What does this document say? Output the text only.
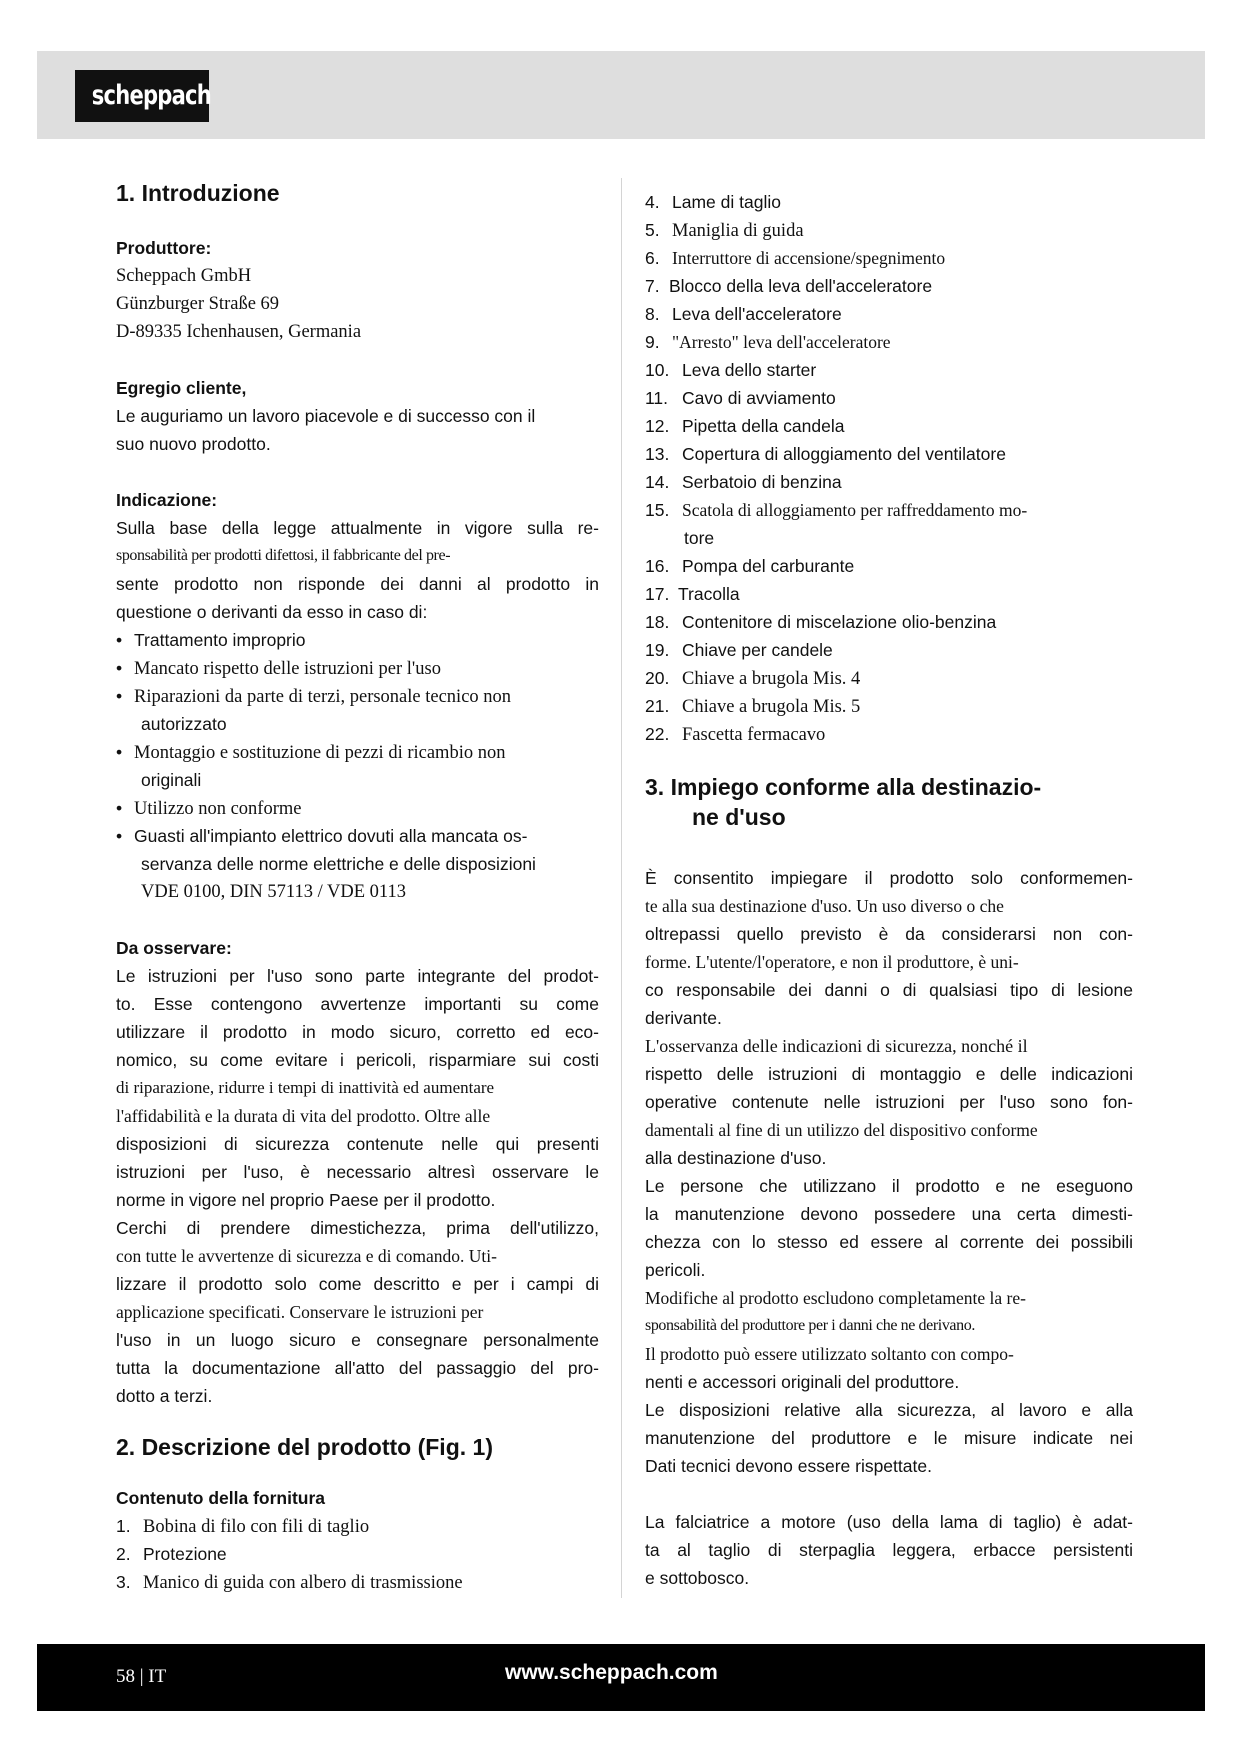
scheppach
1. Introduzione
Produttore:
Scheppach GmbH
Günzburger Straße 69
D-89335 Ichenhausen, Germania
Egregio cliente,
Le auguriamo un lavoro piacevole e di successo con il
suo nuovo prodotto.
Indicazione:
Sulla base della legge attualmente in vigore sulla re-
sponsabilità per prodotti difettosi, il fabbricante del pre-
sente prodotto non risponde dei danni al prodotto in
questione o derivanti da esso in caso di:
• Trattamento improprio
• Mancato rispetto delle istruzioni per l'uso
• Riparazioni da parte di terzi, personale tecnico non
autorizzato
• Montaggio e sostituzione di pezzi di ricambio non
originali
• Utilizzo non conforme
• Guasti all'impianto elettrico dovuti alla mancata os-
servanza delle norme elettriche e delle disposizioni
VDE 0100, DIN 57113 / VDE 0113
Da osservare:
Le istruzioni per l'uso sono parte integrante del prodot-
to. Esse contengono avvertenze importanti su come
utilizzare il prodotto in modo sicuro, corretto ed eco-
nomico, su come evitare i pericoli, risparmiare sui costi
di riparazione, ridurre i tempi di inattività ed aumentare
l'affidabilità e la durata di vita del prodotto. Oltre alle
disposizioni di sicurezza contenute nelle qui presenti
istruzioni per l'uso, è necessario altresì osservare le
norme in vigore nel proprio Paese per il prodotto.
Cerchi di prendere dimestichezza, prima dell'utilizzo,
con tutte le avvertenze di sicurezza e di comando. Uti-
lizzare il prodotto solo come descritto e per i campi di
applicazione specificati. Conservare le istruzioni per
l'uso in un luogo sicuro e consegnare personalmente
tutta la documentazione all'atto del passaggio del pro-
dotto a terzi.
2. Descrizione del prodotto (Fig. 1)
Contenuto della fornitura
1. Bobina di filo con fili di taglio
2. Protezione
3. Manico di guida con albero di trasmissione
4. Lame di taglio
5. Maniglia di guida
6. Interruttore di accensione/spegnimento
7. Blocco della leva dell'acceleratore
8. Leva dell'acceleratore
9. "Arresto" leva dell'acceleratore
10. Leva dello starter
11. Cavo di avviamento
12. Pipetta della candela
13. Copertura di alloggiamento del ventilatore
14. Serbatoio di benzina
15. Scatola di alloggiamento per raffreddamento mo-
tore
16. Pompa del carburante
17. Tracolla
18. Contenitore di miscelazione olio-benzina
19. Chiave per candele
20. Chiave a brugola Mis. 4
21. Chiave a brugola Mis. 5
22. Fascetta fermacavo
3. Impiego conforme alla destinazio-
ne d'uso
È consentito impiegare il prodotto solo conformemen-
te alla sua destinazione d'uso. Un uso diverso o che
oltrepassi quello previsto è da considerarsi non con-
forme. L'utente/l'operatore, e non il produttore, è uni-
co responsabile dei danni o di qualsiasi tipo di lesione
derivante.
L'osservanza delle indicazioni di sicurezza, nonché il
rispetto delle istruzioni di montaggio e delle indicazioni
operative contenute nelle istruzioni per l'uso sono fon-
damentali al fine di un utilizzo del dispositivo conforme
alla destinazione d'uso.
Le persone che utilizzano il prodotto e ne eseguono
la manutenzione devono possedere una certa dimesti-
chezza con lo stesso ed essere al corrente dei possibili
pericoli.
Modifiche al prodotto escludono completamente la re-
sponsabilità del produttore per i danni che ne derivano.
Il prodotto può essere utilizzato soltanto con compo-
nenti e accessori originali del produttore.
Le disposizioni relative alla sicurezza, al lavoro e alla
manutenzione del produttore e le misure indicate nei
Dati tecnici devono essere rispettate.
La falciatrice a motore (uso della lama di taglio) è adat-
ta al taglio di sterpaglia leggera, erbacce persistenti
e sottobosco.
58 | IT	www.scheppach.com
